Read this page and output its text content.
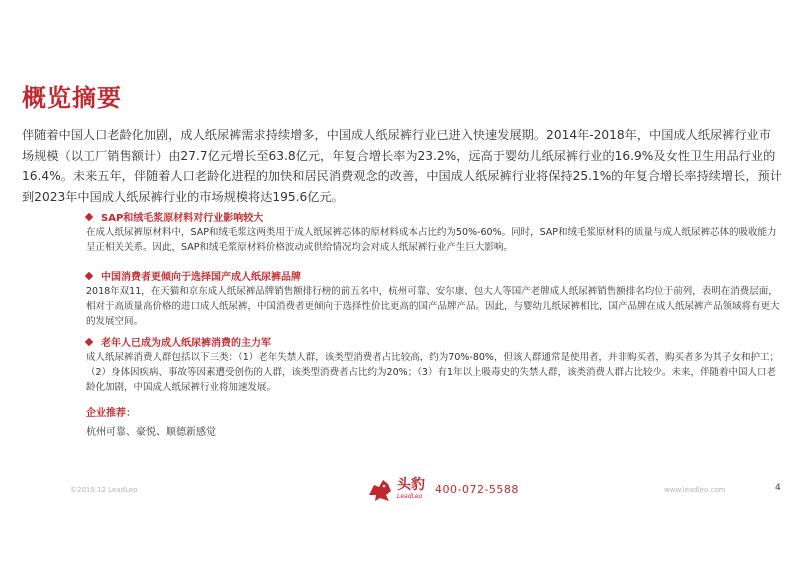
概览摘要
伴随着中国人口老龄化加剧，成人纸尿裤需求持续增多，中国成人纸尿裤行业已进入快速发展期。2014年-2018年，中国成人纸尿裤行业市场规模（以工厂销售额计）由27.7亿元增长至63.8亿元，年复合增长率为23.2%，远高于婴幼儿纸尿裤行业的16.9%及女性卫生用品行业的16.4%。未来五年，伴随着人口老龄化进程的加快和居民消费观念的改善，中国成人纸尿裤行业将保持25.1%的年复合增长率持续增长，预计到2023年中国成人纸尿裤行业的市场规模将达195.6亿元。
SAP和绒毛浆原材料对行业影响较大
在成人纸尿裤原材料中，SAP和绒毛浆这两类用于成人纸尿裤芯体的原材料成本占比约为50%-60%。同时，SAP和绒毛浆原材料的质量与成人纸尿裤芯体的吸收能力呈正相关关系。因此，SAP和绒毛浆原材料价格波动或供给情况均会对成人纸尿裤行业产生巨大影响。
中国消费者更倾向于选择国产成人纸尿裤品牌
2018年双11，在天猫和京东成人纸尿裤品牌销售额排行榜的前五名中，杭州可靠、安尔康、包大人等国产老牌成人纸尿裤销售额排名均位于前列，表明在消费层面，相对于高质量高价格的进口成人纸尿裤，中国消费者更倾向于选择性价比更高的国产品牌产品。因此，与婴幼儿纸尿裤相比，国产品牌在成人纸尿裤产品领域将有更大的发展空间。
老年人已成为成人纸尿裤消费的主力军
成人纸尿裤消费人群包括以下三类：（1）老年失禁人群，该类型消费者占比较高，约为70%-80%，但该人群通常是使用者，并非购买者，购买者多为其子女和护工；（2）身体因疾病、事故等因素遭受创伤的人群，该类型消费者占比约为20%；（3）有1年以上吸毒史的失禁人群，该类消费人群占比较少。未来，伴随着中国人口老龄化加剧，中国成人纸尿裤行业将加速发展。
企业推荐：
杭州可靠、豪悦、顺德新感觉
©2019.12 LeadLeo	头豹
LeadLeo
400-072-5588	www.leadleo.com	4
